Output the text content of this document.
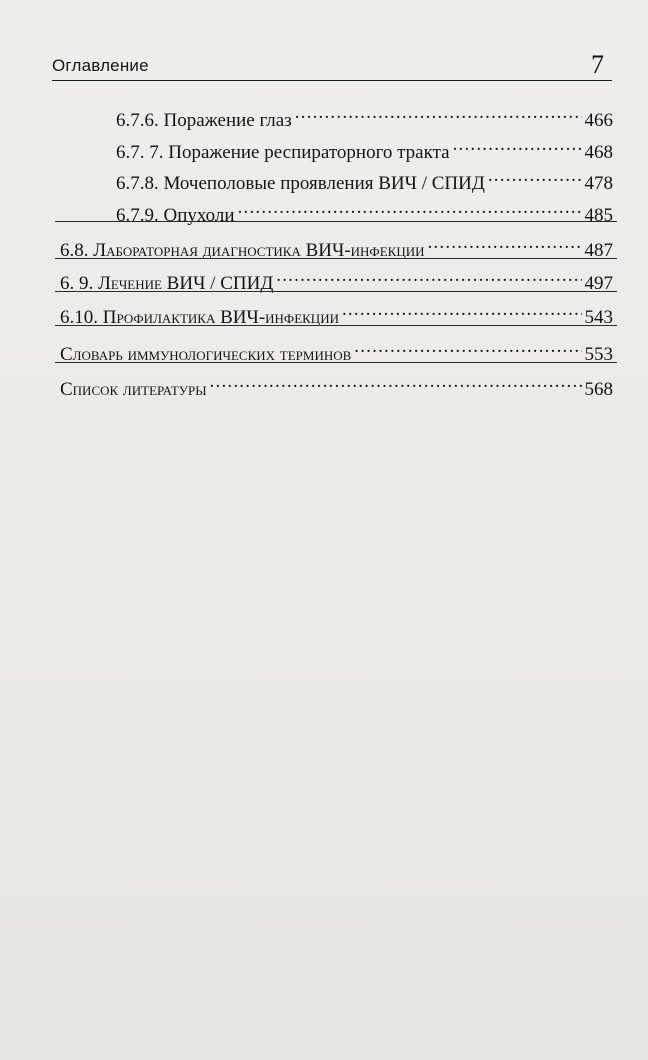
Оглавление	7
6.7.6. Поражение глаз .....	466
6.7. 7. Поражение респираторного тракта .....	468
6.7.8. Мочеполовые проявления ВИЧ / СПИД .....	478
6.7.9. Опухоли .....	485
6.8. Лабораторная диагностика ВИЧ-инфекции .....	487
6. 9. Лечение ВИЧ / СПИД .....	497
6.10. Профилактика ВИЧ-инфекции .....	543
Словарь иммунологических терминов .....	553
Список литературы .....	568
